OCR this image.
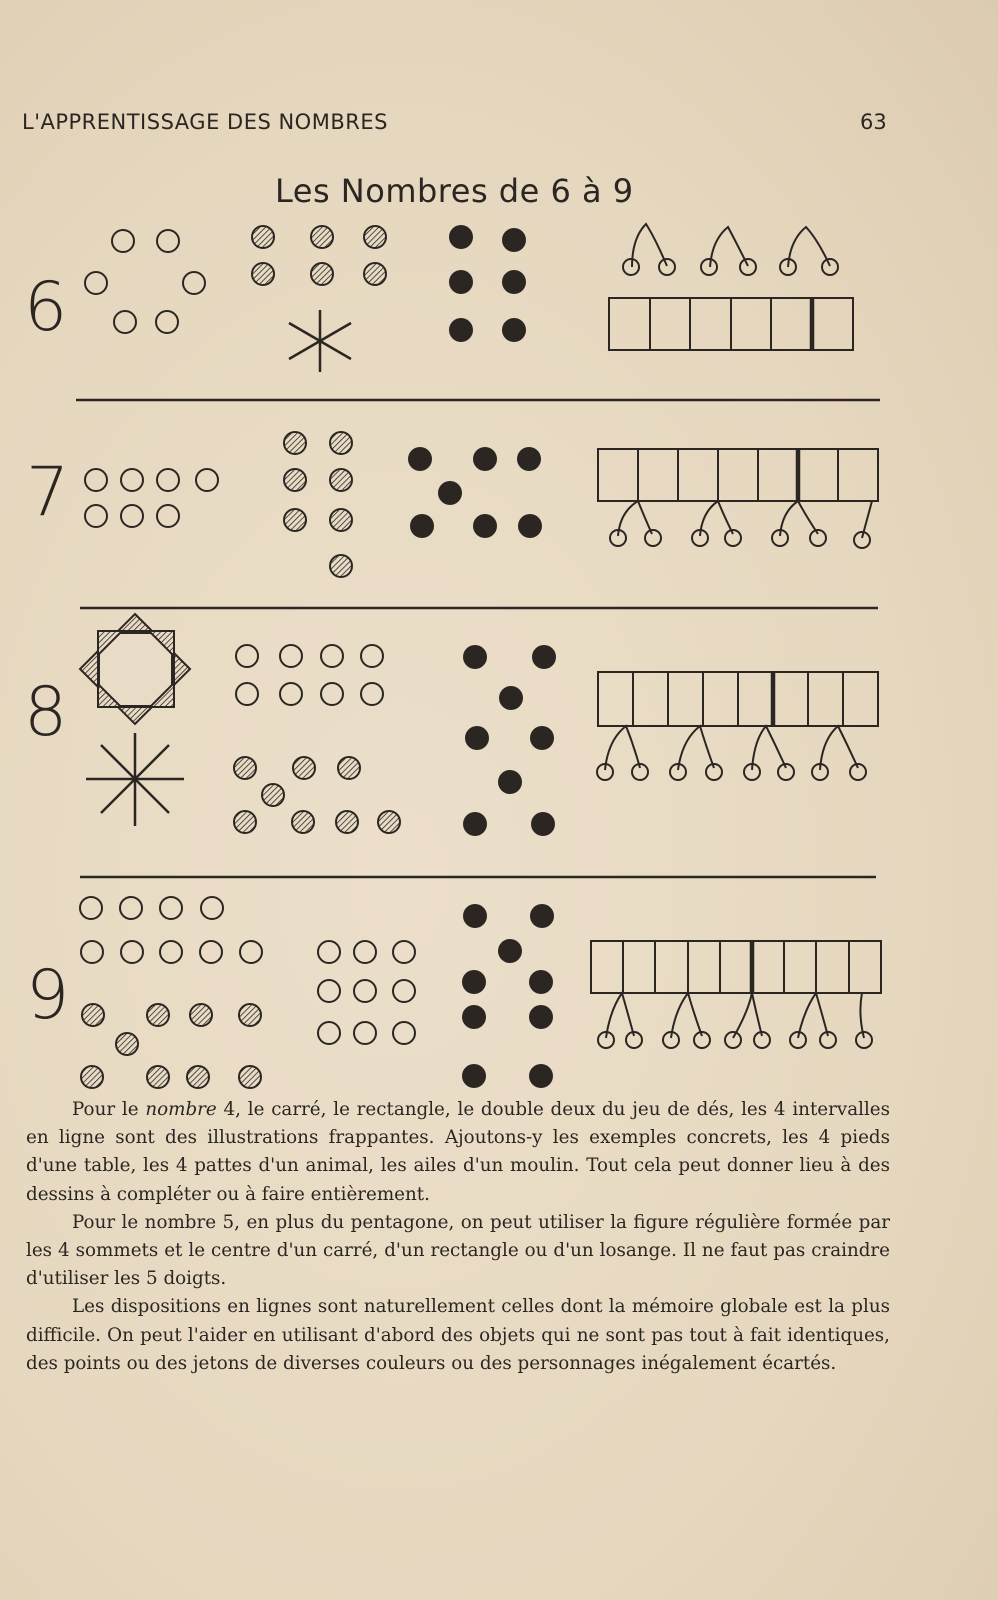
L'APPRENTISSAGE DES NOMBRES	63
Les Nombres de 6 à 9
6
7
8
9

Pour le nombre 4, le carré, le rectangle, le double deux du jeu de dés, les 4 intervalles en ligne sont des illustrations frappantes. Ajoutons-y les exemples concrets, les 4 pieds d'une table, les 4 pattes d'un animal, les ailes d'un moulin. Tout cela peut donner lieu à des dessins à compléter ou à faire entièrement.

Pour le nombre 5, en plus du pentagone, on peut utiliser la figure régulière formée par les 4 sommets et le centre d'un carré, d'un rectangle ou d'un losange. Il ne faut pas craindre d'utiliser les 5 doigts.

Les dispositions en lignes sont naturellement celles dont la mémoire globale est la plus difficile. On peut l'aider en utilisant d'abord des objets qui ne sont pas tout à fait identiques, des points ou des jetons de diverses couleurs ou des personnages inégalement écartés.
